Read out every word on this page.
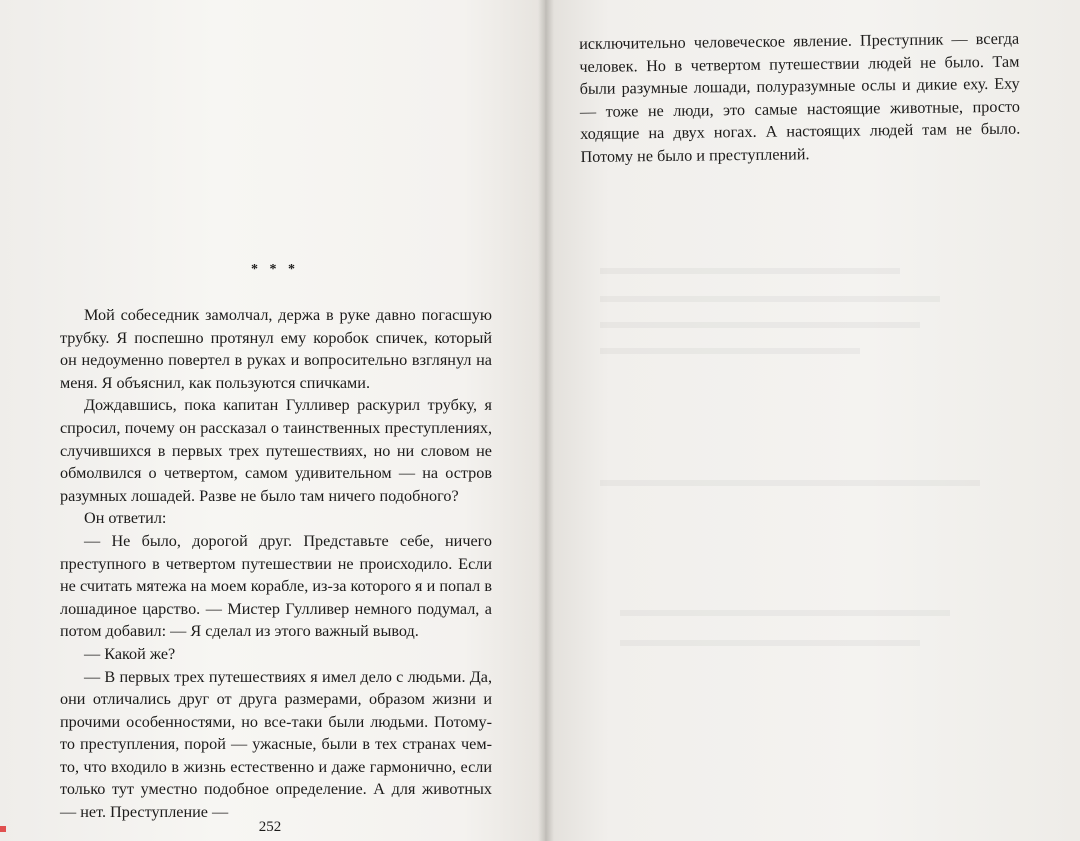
* * *

Мой собеседник замолчал, держа в руке давно погасшую трубку. Я поспешно протянул ему коробок спичек, который он недоуменно повертел в руках и вопросительно взглянул на меня. Я объяснил, как пользуются спичками.

Дождавшись, пока капитан Гулливер раскурил трубку, я спросил, почему он рассказал о таинственных преступлениях, случившихся в первых трех путешествиях, но ни словом не обмолвился о четвертом, самом удивительном — на остров разумных лошадей. Разве не было там ничего подобного?

Он ответил:

— Не было, дорогой друг. Представьте себе, ничего преступного в четвертом путешествии не происходило. Если не считать мятежа на моем корабле, из-за которого я и попал в лошадиное царство. — Мистер Гулливер немного подумал, а потом добавил: — Я сделал из этого важный вывод.

— Какой же?

— В первых трех путешествиях я имел дело с людьми. Да, они отличались друг от друга размерами, образом жизни и прочими особенностями, но все-таки были людьми. Потому-то преступления, порой — ужасные, были в тех странах чем-то, что входило в жизнь естественно и даже гармонично, если только тут уместно подобное определение. А для животных — нет. Преступление —

252

исключительно человеческое явление. Преступник — всегда человек. Но в четвертом путешествии людей не было. Там были разумные лошади, полуразумные ослы и дикие еху. Еху — тоже не люди, это самые настоящие животные, просто ходящие на двух ногах. А настоящих людей там не было. Потому не было и преступлений.
